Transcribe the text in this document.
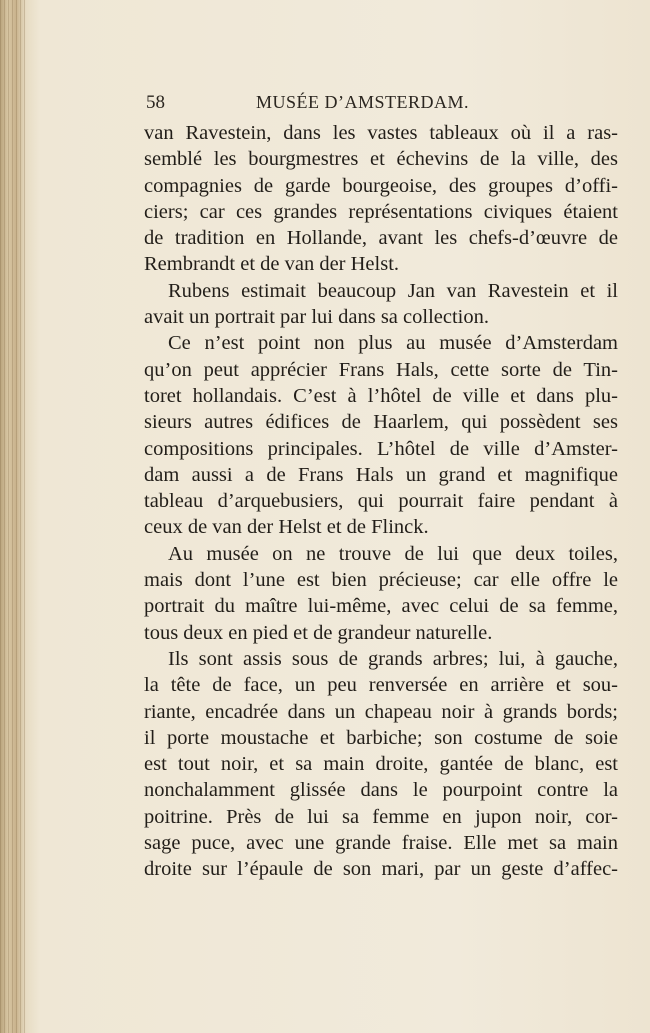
58	MUSÉE D’AMSTERDAM.
van Ravestein, dans les vastes tableaux où il a ras-
semblé les bourgmestres et échevins de la ville, des
compagnies de garde bourgeoise, des groupes d’offi-
ciers; car ces grandes représentations civiques étaient
de tradition en Hollande, avant les chefs-d’œuvre de
Rembrandt et de van der Helst.
Rubens estimait beaucoup Jan van Ravestein et il
avait un portrait par lui dans sa collection.
Ce n’est point non plus au musée d’Amsterdam
qu’on peut apprécier Frans Hals, cette sorte de Tin-
toret hollandais. C’est à l’hôtel de ville et dans plu-
sieurs autres édifices de Haarlem, qui possèdent ses
compositions principales. L’hôtel de ville d’Amster-
dam aussi a de Frans Hals un grand et magnifique
tableau d’arquebusiers, qui pourrait faire pendant à
ceux de van der Helst et de Flinck.
Au musée on ne trouve de lui que deux toiles,
mais dont l’une est bien précieuse; car elle offre le
portrait du maître lui-même, avec celui de sa femme,
tous deux en pied et de grandeur naturelle.
Ils sont assis sous de grands arbres; lui, à gauche,
la tête de face, un peu renversée en arrière et sou-
riante, encadrée dans un chapeau noir à grands bords;
il porte moustache et barbiche; son costume de soie
est tout noir, et sa main droite, gantée de blanc, est
nonchalamment glissée dans le pourpoint contre la
poitrine. Près de lui sa femme en jupon noir, cor-
sage puce, avec une grande fraise. Elle met sa main
droite sur l’épaule de son mari, par un geste d’affec-
